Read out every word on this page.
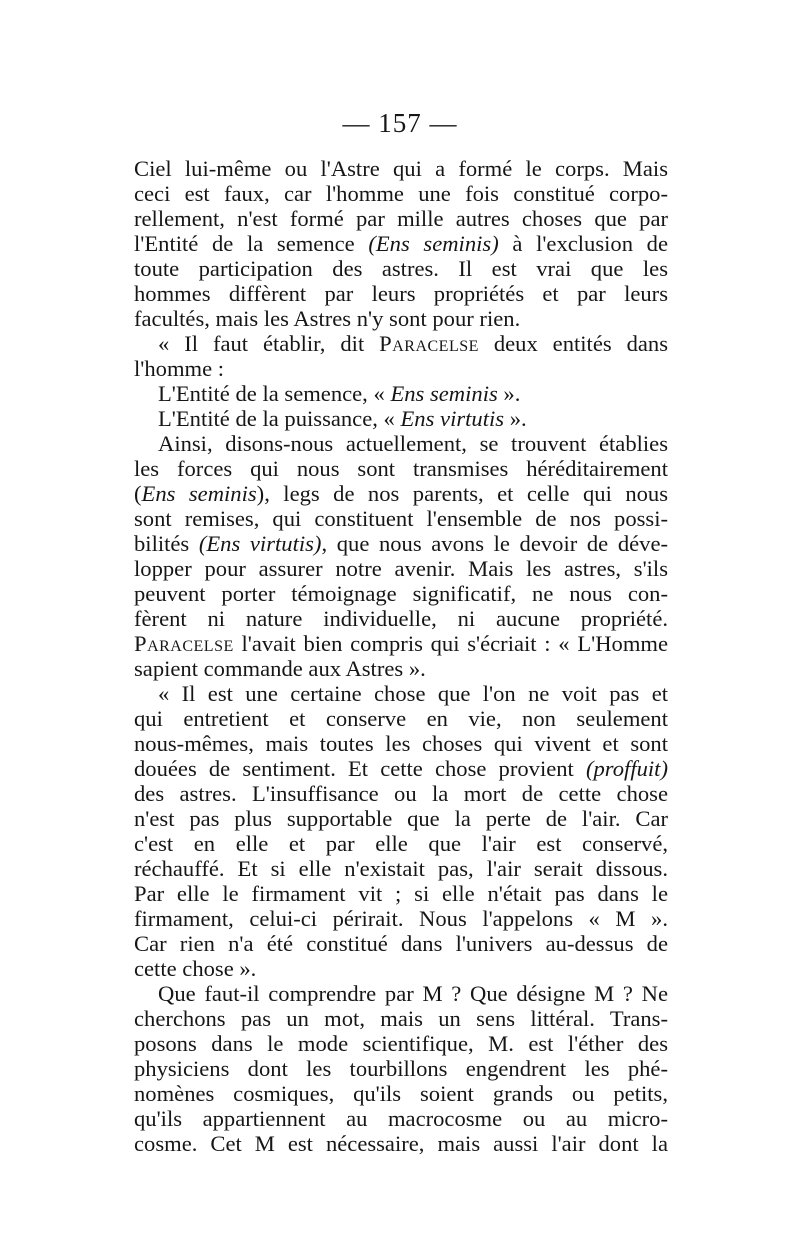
— 157 —
Ciel lui-même ou l'Astre qui a formé le corps. Mais
ceci est faux, car l'homme une fois constitué corpo-
rellement, n'est formé par mille autres choses que par
l'Entité de la semence (Ens seminis) à l'exclusion de
toute participation des astres. Il est vrai que les
hommes diffèrent par leurs propriétés et par leurs
facultés, mais les Astres n'y sont pour rien.
« Il faut établir, dit Paracelse deux entités dans
l'homme :
L'Entité de la semence, « Ens seminis ».
L'Entité de la puissance, « Ens virtutis ».
Ainsi, disons-nous actuellement, se trouvent établies
les forces qui nous sont transmises héréditairement
(Ens seminis), legs de nos parents, et celle qui nous
sont remises, qui constituent l'ensemble de nos possi-
bilités (Ens virtutis), que nous avons le devoir de déve-
lopper pour assurer notre avenir. Mais les astres, s'ils
peuvent porter témoignage significatif, ne nous con-
fèrent ni nature individuelle, ni aucune propriété.
Paracelse l'avait bien compris qui s'écriait : « L'Homme
sapient commande aux Astres ».
« Il est une certaine chose que l'on ne voit pas et
qui entretient et conserve en vie, non seulement
nous-mêmes, mais toutes les choses qui vivent et sont
douées de sentiment. Et cette chose provient (proffuit)
des astres. L'insuffisance ou la mort de cette chose
n'est pas plus supportable que la perte de l'air. Car
c'est en elle et par elle que l'air est conservé,
réchauffé. Et si elle n'existait pas, l'air serait dissous.
Par elle le firmament vit ; si elle n'était pas dans le
firmament, celui-ci périrait. Nous l'appelons « M ».
Car rien n'a été constitué dans l'univers au-dessus de
cette chose ».
Que faut-il comprendre par M ? Que désigne M ? Ne
cherchons pas un mot, mais un sens littéral. Trans-
posons dans le mode scientifique, M. est l'éther des
physiciens dont les tourbillons engendrent les phé-
nomènes cosmiques, qu'ils soient grands ou petits,
qu'ils appartiennent au macrocosme ou au micro-
cosme. Cet M est nécessaire, mais aussi l'air dont la
